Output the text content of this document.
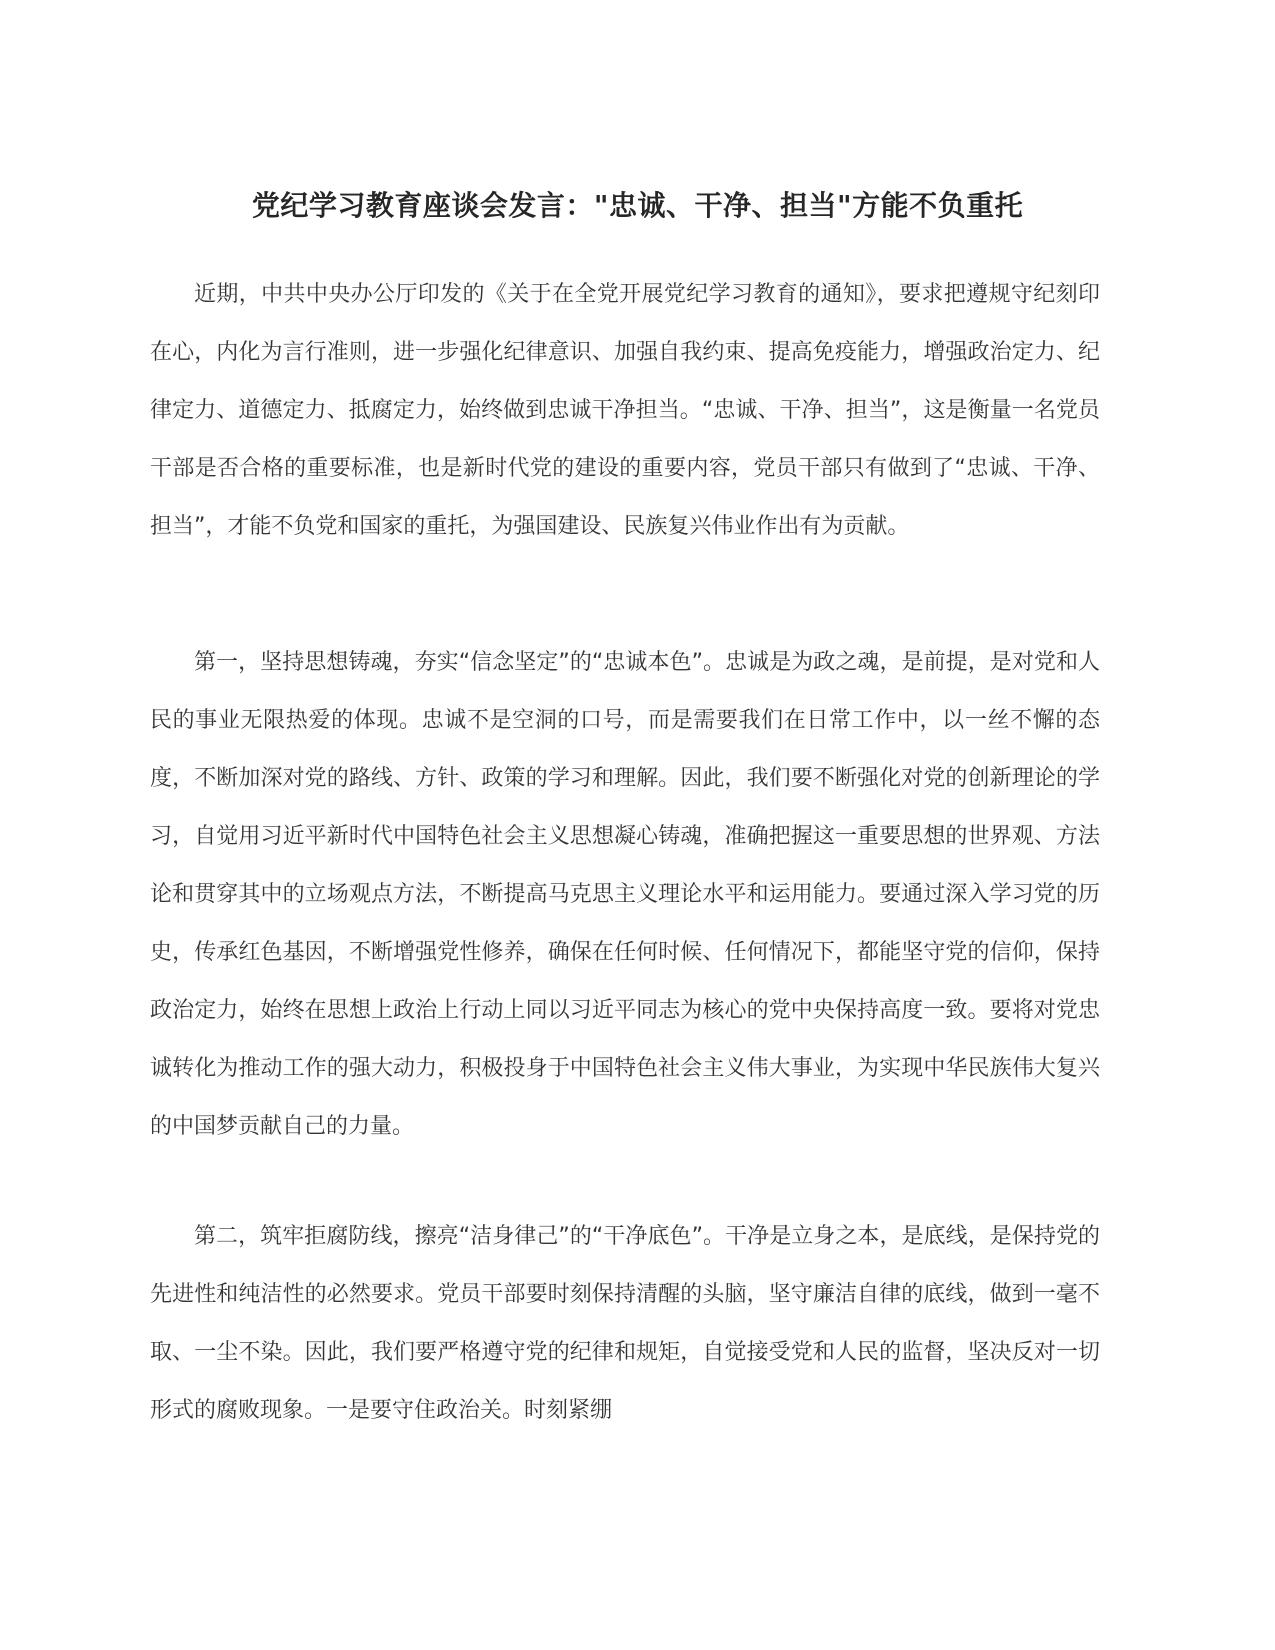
党纪学习教育座谈会发言："忠诚、干净、担当"方能不负重托

近期，中共中央办公厅印发的《关于在全党开展党纪学习教育的通知》，要求把遵规守纪刻印在心，内化为言行准则，进一步强化纪律意识、加强自我约束、提高免疫能力，增强政治定力、纪律定力、道德定力、抵腐定力，始终做到忠诚干净担当。“忠诚、干净、担当”，这是衡量一名党员干部是否合格的重要标准，也是新时代党的建设的重要内容，党员干部只有做到了“忠诚、干净、担当”，才能不负党和国家的重托，为强国建设、民族复兴伟业作出有为贡献。

第一，坚持思想铸魂，夯实“信念坚定”的“忠诚本色”。忠诚是为政之魂，是前提，是对党和人民的事业无限热爱的体现。忠诚不是空洞的口号，而是需要我们在日常工作中，以一丝不懈的态度，不断加深对党的路线、方针、政策的学习和理解。因此，我们要不断强化对党的创新理论的学习，自觉用习近平新时代中国特色社会主义思想凝心铸魂，准确把握这一重要思想的世界观、方法论和贯穿其中的立场观点方法，不断提高马克思主义理论水平和运用能力。要通过深入学习党的历史，传承红色基因，不断增强党性修养，确保在任何时候、任何情况下，都能坚守党的信仰，保持政治定力，始终在思想上政治上行动上同以习近平同志为核心的党中央保持高度一致。要将对党忠诚转化为推动工作的强大动力，积极投身于中国特色社会主义伟大事业，为实现中华民族伟大复兴的中国梦贡献自己的力量。

第二，筑牢拒腐防线，擦亮“洁身律己”的“干净底色”。干净是立身之本，是底线，是保持党的先进性和纯洁性的必然要求。党员干部要时刻保持清醒的头脑，坚守廉洁自律的底线，做到一毫不取、一尘不染。因此，我们要严格遵守党的纪律和规矩，自觉接受党和人民的监督，坚决反对一切形式的腐败现象。一是要守住政治关。时刻紧绷
